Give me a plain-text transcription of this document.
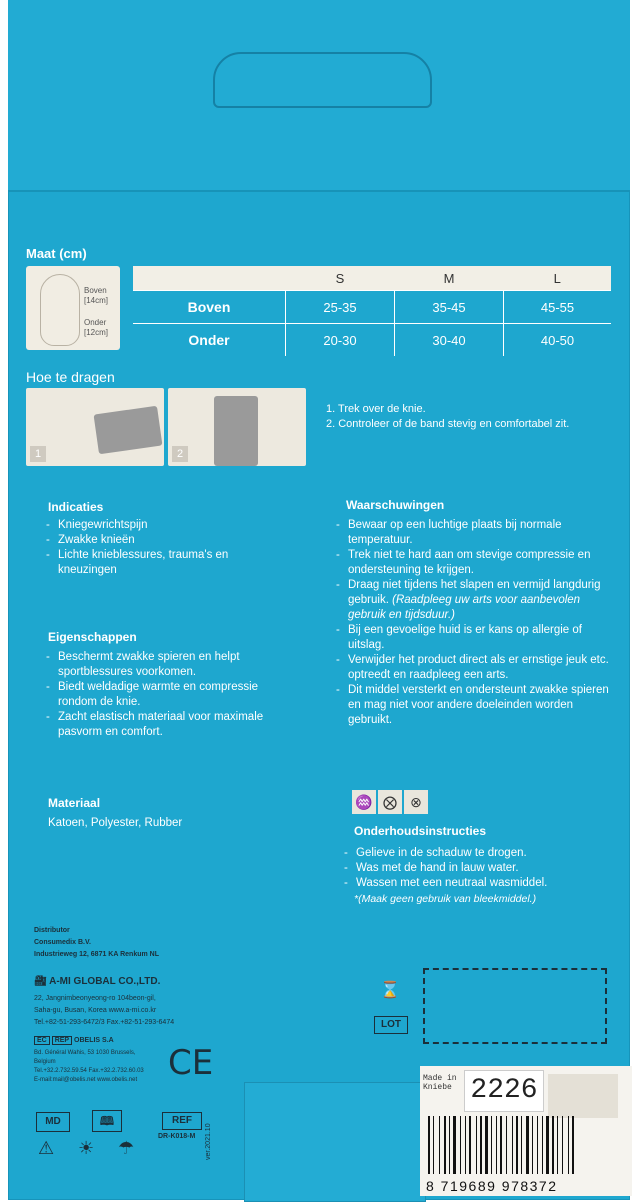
Maat (cm)
Boven
[14cm]
Onder
[12cm]
	S	M	L
Boven	25-35	35-45	45-55
Onder	20-30	30-40	40-50
Hoe te dragen
1	2
1. Trek over de knie.
2. Controleer of de band stevig en comfortabel zit.
Indicaties
- Kniegewrichtspijn
- Zwakke knieën
- Lichte knieblessures, trauma's en kneuzingen
Eigenschappen
- Beschermt zwakke spieren en helpt sportblessures voorkomen.
- Biedt weldadige warmte en compressie rondom de knie.
- Zacht elastisch materiaal voor maximale pasvorm en comfort.
Materiaal
Katoen, Polyester, Rubber
Waarschuwingen
- Bewaar op een luchtige plaats bij normale temperatuur.
- Trek niet te hard aan om stevige compressie en ondersteuning te krijgen.
- Draag niet tijdens het slapen en vermijd langdurig gebruik. (Raadpleeg uw arts voor aanbevolen gebruik en tijdsduur.)
- Bij een gevoelige huid is er kans op allergie of uitslag.
- Verwijder het product direct als er ernstige jeuk etc. optreedt en raadpleeg een arts.
- Dit middel versterkt en ondersteunt zwakke spieren en mag niet voor andere doeleinden worden gebruikt.
♒ ⨂ ⊗
Onderhoudsinstructies
- Gelieve in de schaduw te drogen.
- Was met de hand in lauw water.
- Wassen met een neutraal wasmiddel.
*(Maak geen gebruik van bleekmiddel.)
Distributor
Consumedix B.V.
Industrieweg 12, 6871 KA Renkum NL
🏭︎ A-MI GLOBAL CO.,LTD.
22, Jangnimbeonyeong-ro 104beon-gil,
Saha-gu, Busan, Korea www.a-mi.co.kr
Tel.+82-51-293-6472/3 Fax.+82-51-293-6474
EC REP OBELIS S.A
Bd. Général Wahis, 53 1030 Brussels,
Belgium
Tel.+32.2.732.59.54 Fax.+32.2.732.60.03
E-mail:mail@obelis.net www.obelis.net CE
MD	🕮︎	REF
DR-K018-M ver.2021.10
⚠ ☀ ☂
⌛
LOT
Made in
Kniebe 2226
8 719689 978372
